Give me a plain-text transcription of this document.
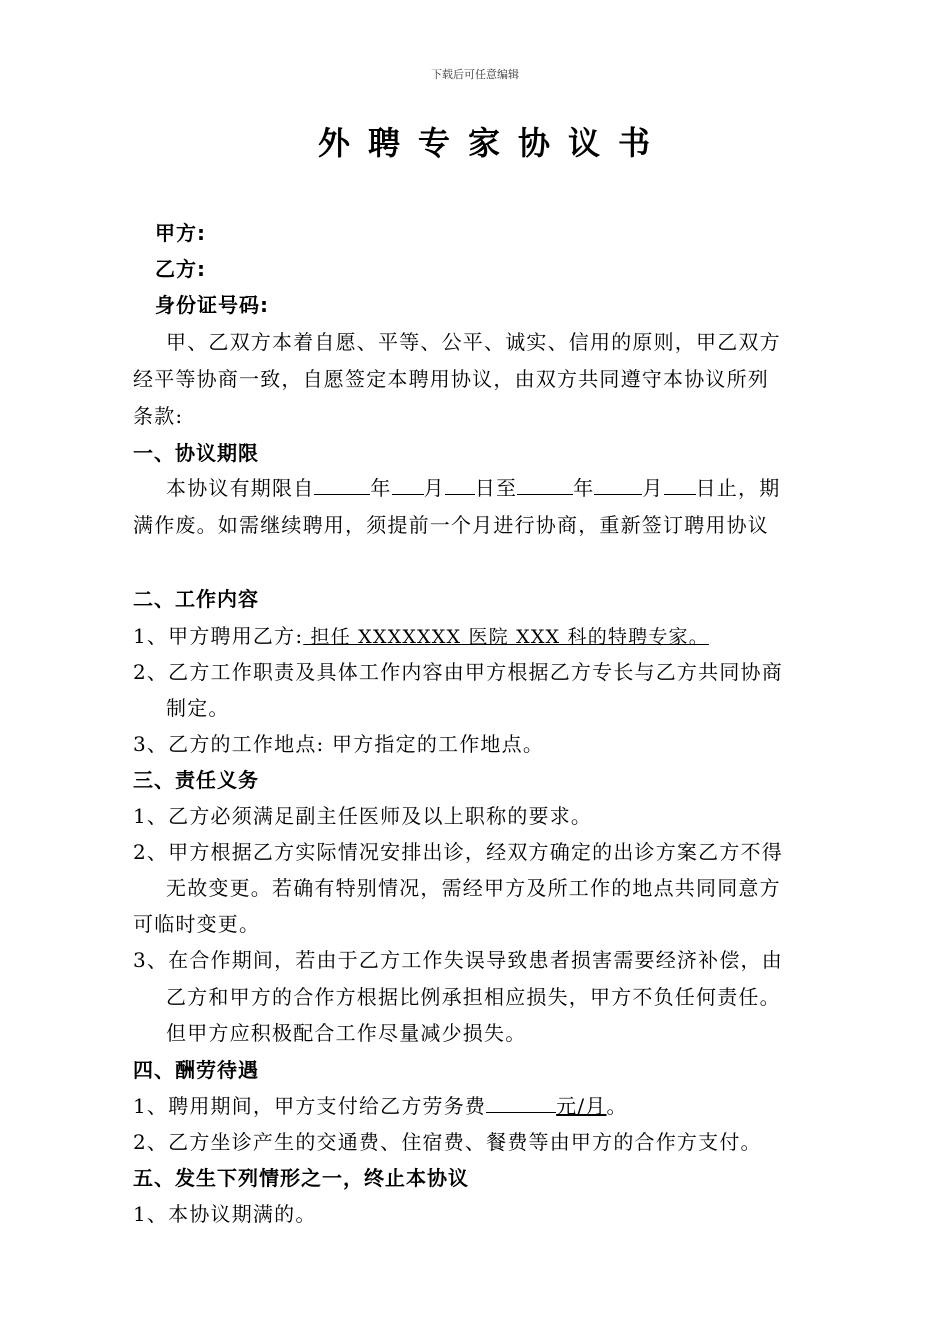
下载后可任意编辑
外聘专家协议书
甲方:
乙方:
身份证号码:
甲、乙双方本着自愿、平等、公平、诚实、信用的原则，甲乙双方
经平等协商一致，自愿签定本聘用协议，由双方共同遵守本协议所列
条款:
一、协议期限
本协议有期限自	年 月 日至	年 月 日止，期
满作废。如需继续聘用，须提前一个月进行协商，重新签订聘用协议
二、工作内容
1、甲方聘用乙方: 担任 XXXXXXX 医院 XXX 科的特聘专家。
2、乙方工作职责及具体工作内容由甲方根据乙方专长与乙方共同协商
制定。
3、乙方的工作地点: 甲方指定的工作地点。
三、责任义务
1、乙方必须满足副主任医师及以上职称的要求。
2、甲方根据乙方实际情况安排出诊，经双方确定的出诊方案乙方不得
无故变更。若确有特别情况，需经甲方及所工作的地点共同同意方
可临时变更。
3、在合作期间，若由于乙方工作失误导致患者损害需要经济补偿，由
乙方和甲方的合作方根据比例承担相应损失，甲方不负任何责任。
但甲方应积极配合工作尽量减少损失。
四、酬劳待遇
1、聘用期间，甲方支付给乙方劳务费	元/月。
2、乙方坐诊产生的交通费、住宿费、餐费等由甲方的合作方支付。
五、发生下列情形之一，终止本协议
1、本协议期满的。
